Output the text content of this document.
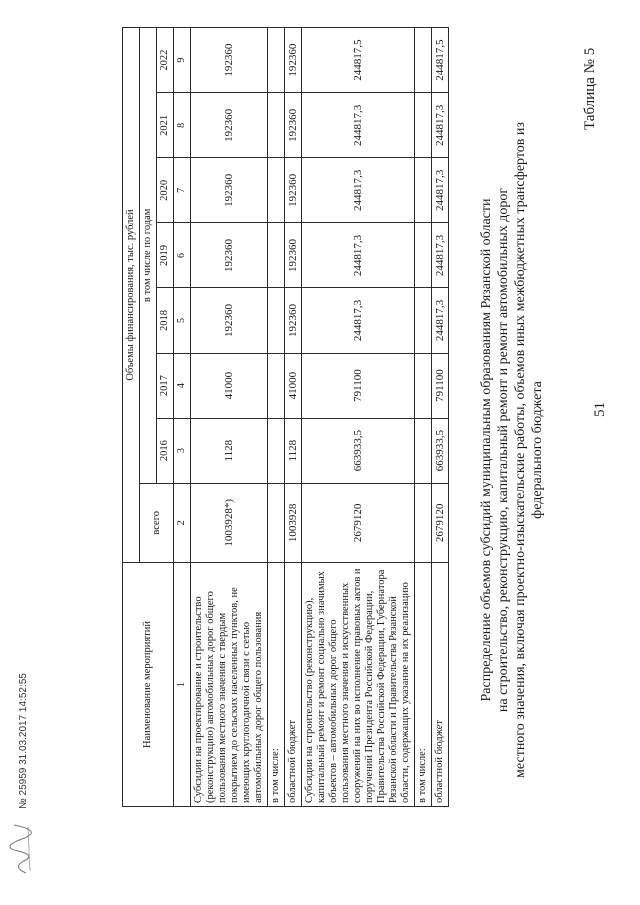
51
Таблица № 5
Распределение объемов субсидий муниципальным образованиям Рязанской области на строительство, реконструкцию, капитальный ремонт и ремонт автомобильных дорог местного значения, включая проектно-изыскательские работы, объемов иных межбюджетных трансфертов из федерального бюджета
Наименование мероприятий	Объемы финансирования, тыс. рублей							
	всего	в том числе по годам						
		2016	2017	2018	2019	2020	2021	2022
1	2	3	4	5	6	7	8	9
Субсидии на проектирование и строительство (реконструкцию) автомобильных дорог общего пользования местного значения с твердым покрытием до сельских населенных пунктов, не имеющих круглогодичной связи с сетью автомобильных дорог общего пользования	1003928*)	1128	41000	192360	192360	192360	192360	192360
в том числе:								
областной бюджет	1003928	1128	41000	192360	192360	192360	192360	192360
Субсидии на строительство (реконструкцию), капитальный ремонт и ремонт социально значимых объектов – автомобильных дорог общего пользования местного значения и искусственных сооружений на них во исполнение правовых актов и поручений Президента Российской Федерации, Правительства Российской Федерации, Губернатора Рязанской области и Правительства Рязанской области, содержащих указание на их реализацию	2679120	663933,5	791100	244817,3	244817,3	244817,3	244817,3	244817,5
в том числе:								
областной бюджет	2679120	663933,5	791100	244817,3	244817,3	244817,3	244817,3	244817,5
№ 25959 31.03.2017 14:52:55
